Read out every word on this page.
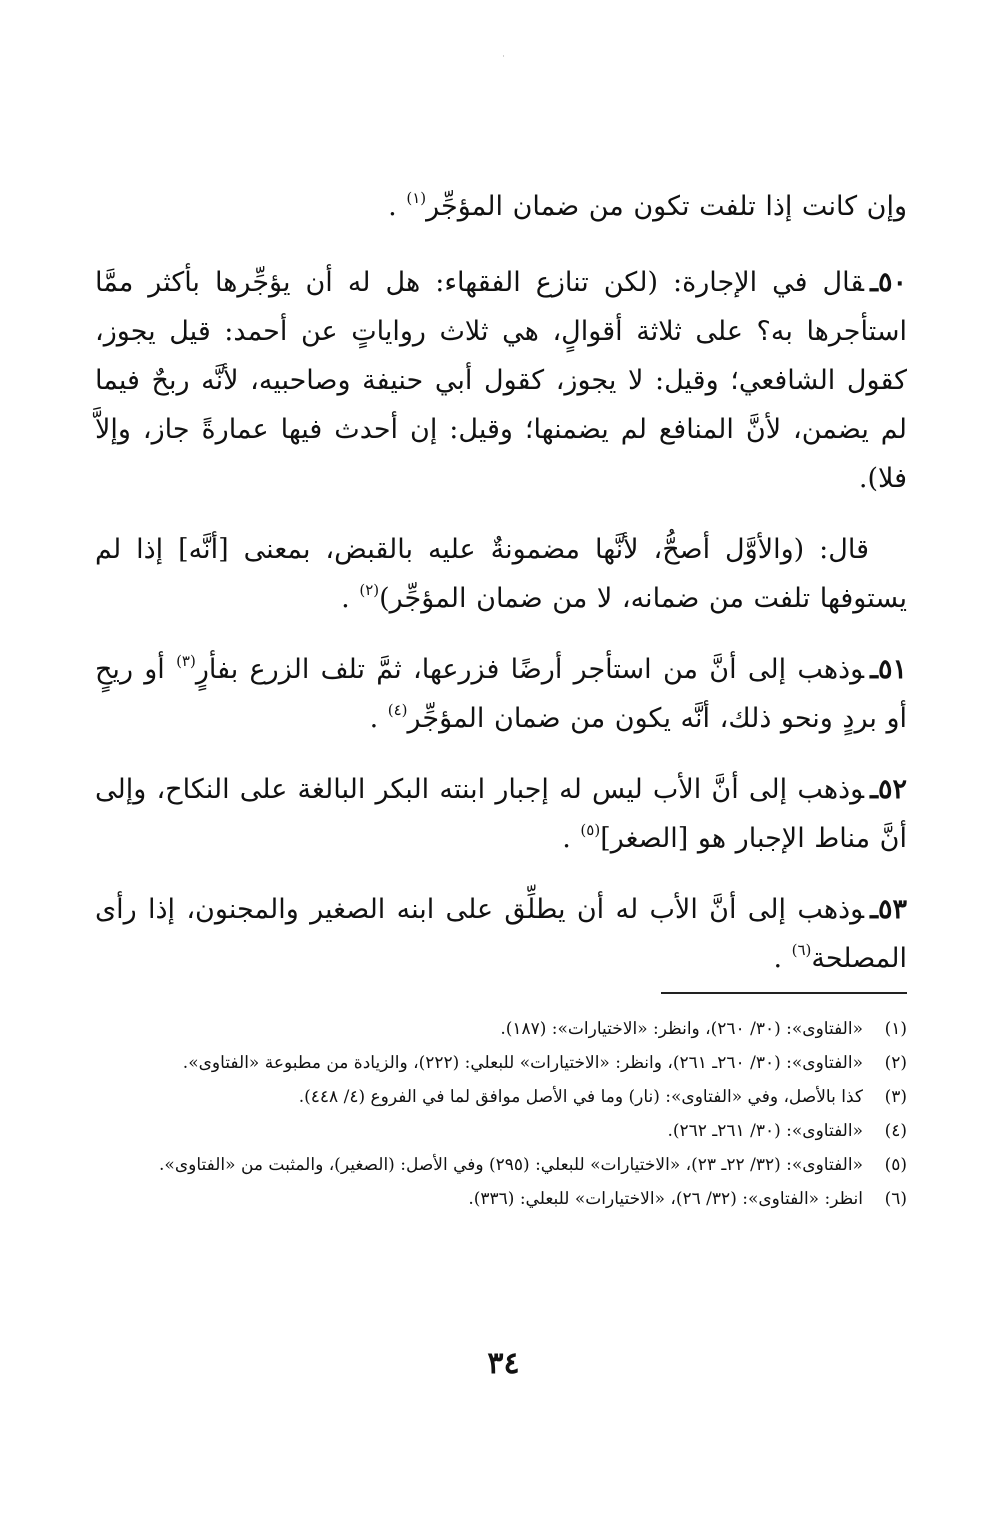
·

وإن كانت إذا تلفت تكون من ضمان المؤجِّر$^{(١)}$ .

٥٠ـقال في الإجارة: (لكن تنازع الفقهاء: هل له أن يؤجِّرها بأكثر ممَّا استأجرها به؟ على ثلاثة أقوالٍ، هي ثلاث رواياتٍ عن أحمد: قيل يجوز، كقول الشافعي؛ وقيل: لا يجوز، كقول أبي حنيفة وصاحبيه، لأنَّه ربحٌ فيما لم يضمن، لأنَّ المنافع لم يضمنها؛ وقيل: إن أحدث فيها عمارةً جاز، وإلاَّ فلا).

قال: (والأوَّل أصحُّ، لأنَّها مضمونةٌ عليه بالقبض، بمعنى [أنَّه] إذا لم يستوفها تلفت من ضمانه، لا من ضمان المؤجِّر)$^{(٢)}$ .

٥١ـوذهب إلى أنَّ من استأجر أرضًا فزرعها، ثمَّ تلف الزرع بفأرٍ$^{(٣)}$ أو ريحٍ أو بردٍ ونحو ذلك، أنَّه يكون من ضمان المؤجِّر$^{(٤)}$ .

٥٢ـوذهب إلى أنَّ الأب ليس له إجبار ابنته البكر البالغة على النكاح، وإلى أنَّ مناط الإجبار هو [الصغر]$^{(٥)}$ .

٥٣ـوذهب إلى أنَّ الأب له أن يطلِّق على ابنه الصغير والمجنون، إذا رأى المصلحة$^{(٦)}$ .

(١)
«الفتاوى»: (٣٠/ ٢٦٠)، وانظر: «الاختيارات»: (١٨٧).
(٢)
«الفتاوى»: (٣٠/ ٢٦٠ـ ٢٦١)، وانظر: «الاختيارات» للبعلي: (٢٢٢)، والزيادة من مطبوعة «الفتاوى».
(٣)
كذا بالأصل، وفي «الفتاوى»: (نار) وما في الأصل موافق لما في الفروع (٤/ ٤٤٨).
(٤)
«الفتاوى»: (٣٠/ ٢٦١ـ ٢٦٢).
(٥)
«الفتاوى»: (٣٢/ ٢٢ـ ٢٣)، «الاختيارات» للبعلي: (٢٩٥) وفي الأصل: (الصغير)، والمثبت من «الفتاوى».
(٦)
انظر: «الفتاوى»: (٣٢/ ٢٦)، «الاختيارات» للبعلي: (٣٣٦).
٣٤
